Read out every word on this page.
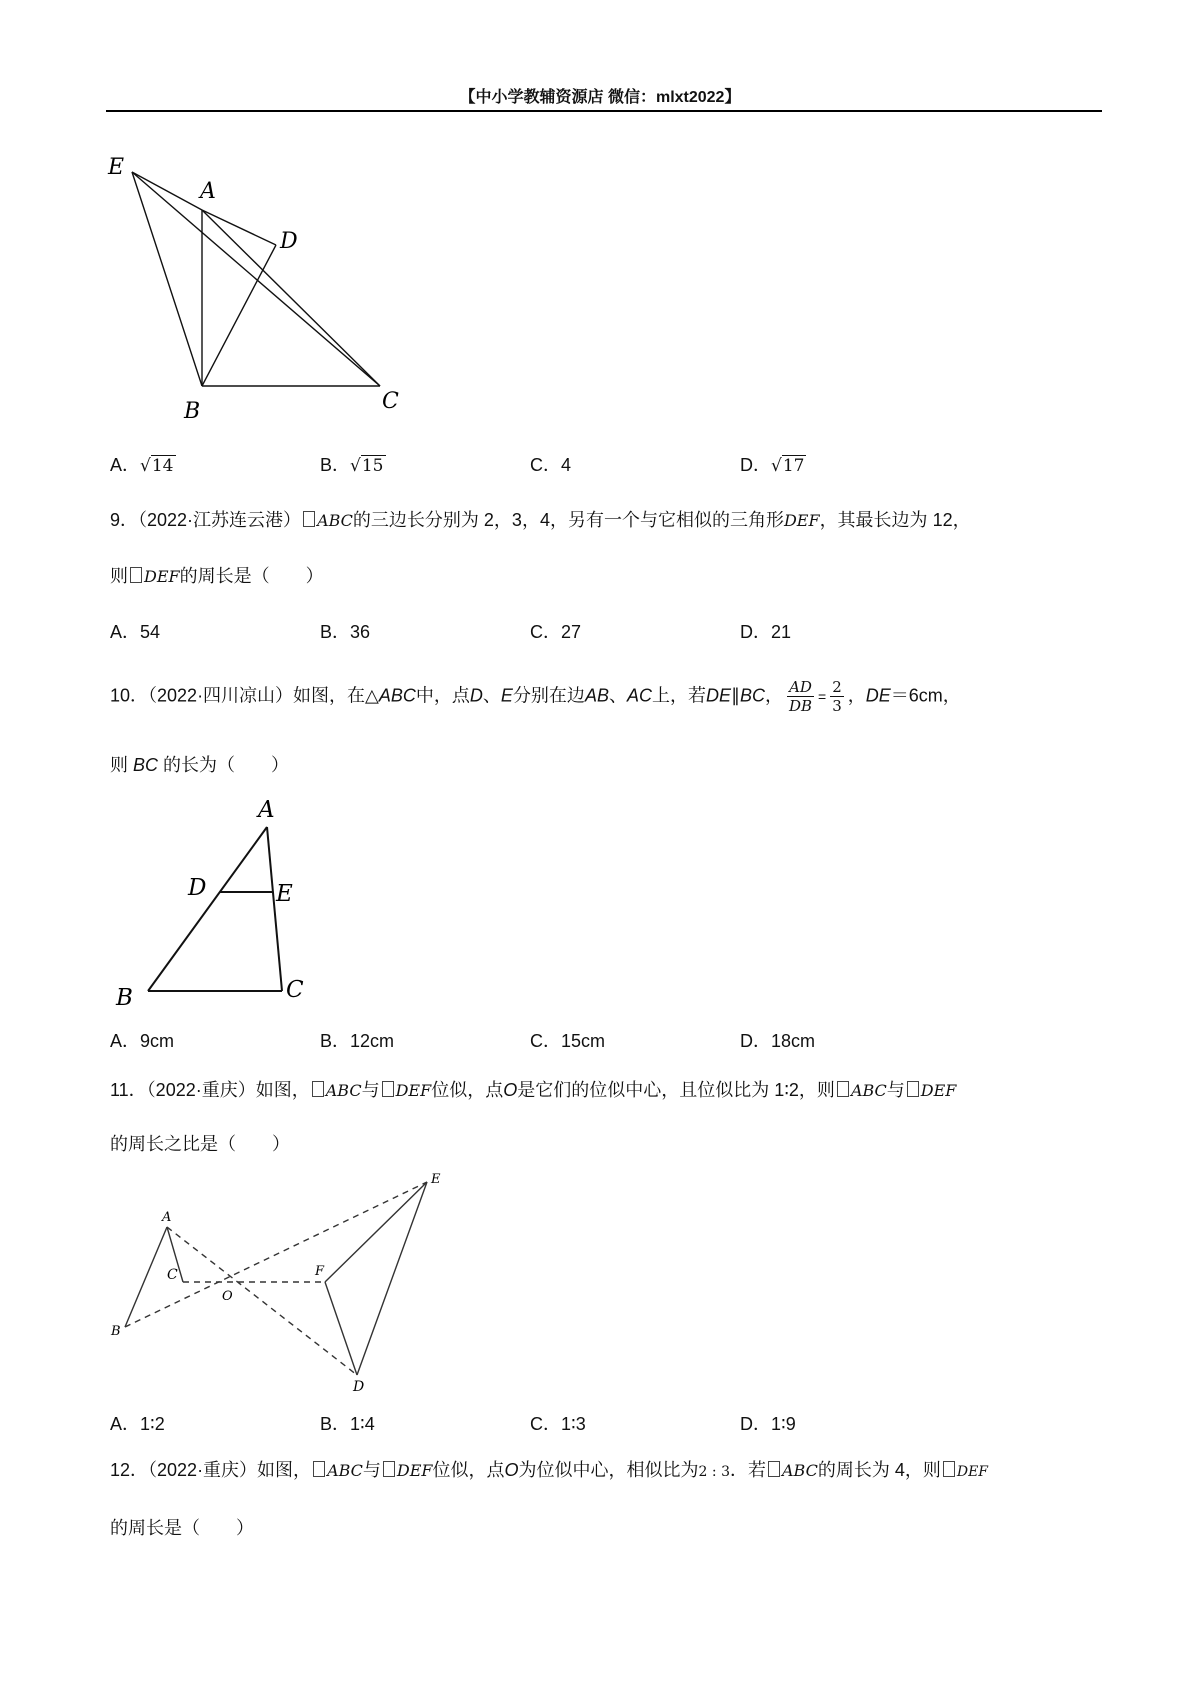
【中小学教辅资源店 微信：mlxt2022】
E
A
D
B	C
A．√14	B．√15	C．4	D．√17
9．（2022·江苏连云港） ABC的三边长分别为 2，3，4，另有一个与它相似的三角形DEF，其最长边为 12，
则 DEF的周长是（　　）
A．54	B．36	C．27	D．21
10．（2022·四川凉山）如图，在△ABC中，点D、E分别在边AB、AC上，若DE∥BC， $\frac{AD}{DB} = \frac{2}{3}$ ，DE＝6cm，
则 BC 的长为（　　）
A
D	E
B	C
A．9cm	B．12cm	C．15cm	D．18cm
11．（2022·重庆）如图， ABC与 DEF位似，点O是它们的位似中心，且位似比为 1∶2，则 ABC与 DEF
的周长之比是（　　）
A
C
B
O
E
F
D
A．1∶2	B．1∶4	C．1∶3	D．1∶9
12．（2022·重庆）如图， ABC与 DEF位似，点O为位似中心，相似比为2 : 3．若 ABC的周长为 4，则 DEF
的周长是（　　）
